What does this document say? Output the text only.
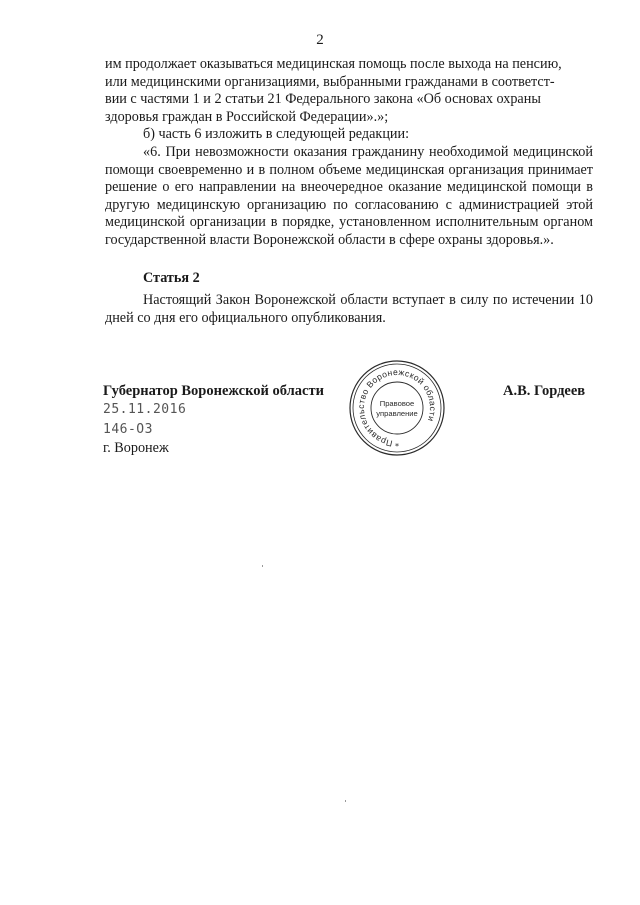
2

им продолжает оказываться медицинская помощь после выхода на пенсию,

или медицинскими организациями, выбранными гражданами в соответст-

вии с частями 1 и 2 статьи 21 Федерального закона «Об основах охраны

здоровья граждан в Российской Федерации».»;

б) часть 6 изложить в следующей редакции:

«6. При невозможности оказания гражданину необходимой медицинской помощи своевременно и в полном объеме медицинская организация принимает решение о его направлении на внеочередное оказание медицинской помощи в другую медицинскую организацию по согласованию с администрацией этой медицинской организации в порядке, установленном исполнительным органом государственной власти Воронежской области в сфере охраны здоровья.».

Статья 2
Настоящий Закон Воронежской области вступает в силу по истечении 10 дней со дня его официального опубликования.
Губернатор Воронежской области	А.В. Гордеев
25.11.2016
146-ОЗ
г. Воронеж	Правительство Воронежской области
Правовое
управление
*
